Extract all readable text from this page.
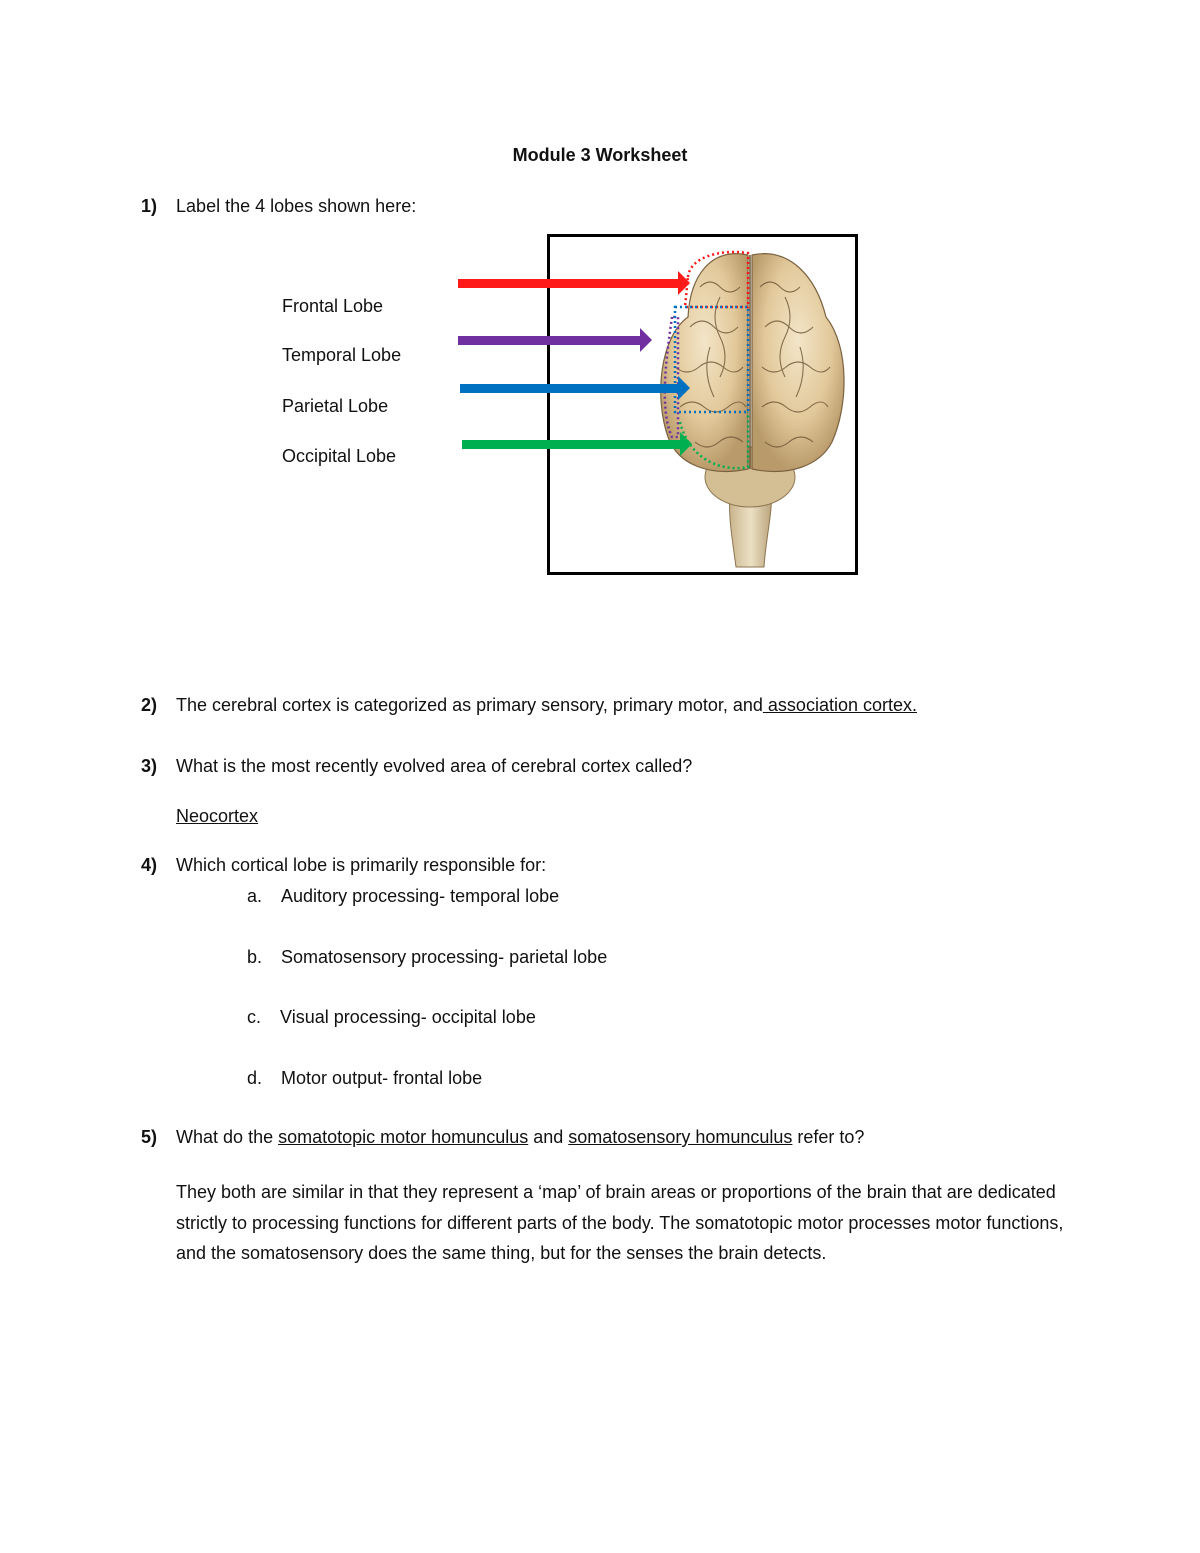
Module 3 Worksheet
1) Label the 4 lobes shown here:
Frontal Lobe
Temporal Lobe
Parietal Lobe
Occipital Lobe
2) The cerebral cortex is categorized as primary sensory, primary motor, and association cortex.
3) What is the most recently evolved area of cerebral cortex called?
Neocortex
4) Which cortical lobe is primarily responsible for:
a. Auditory processing- temporal lobe
b. Somatosensory processing- parietal lobe
c. Visual processing- occipital lobe
d. Motor output- frontal lobe
5) What do the somatotopic motor homunculus and somatosensory homunculus refer to?
They both are similar in that they represent a ‘map’ of brain areas or proportions of the brain that are dedicated strictly to processing functions for different parts of the body. The somatotopic motor processes motor functions, and the somatosensory does the same thing, but for the senses the brain detects.
